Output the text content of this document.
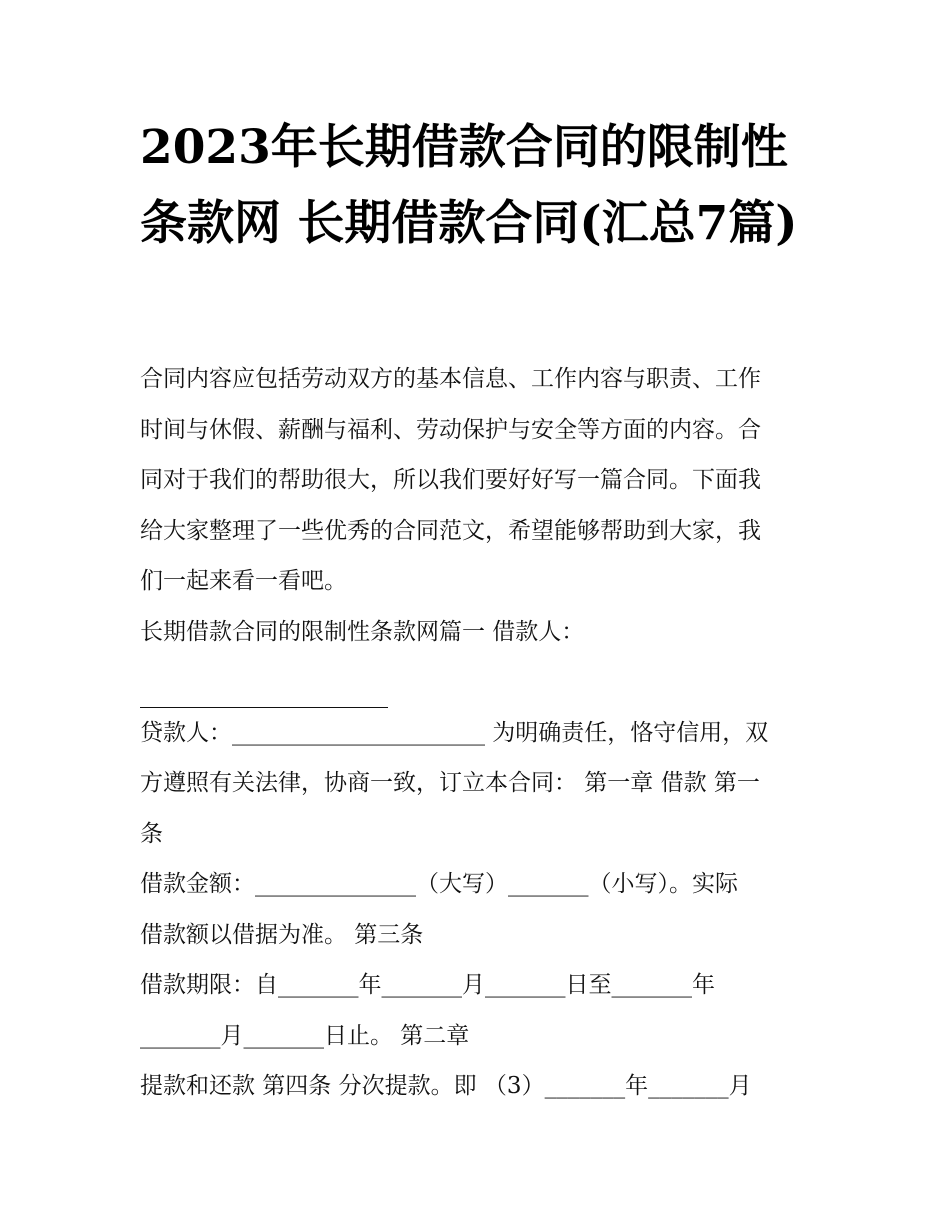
2023年长期借款合同的限制性条款网 长期借款合同(汇总7篇)

合同内容应包括劳动双方的基本信息、工作内容与职责、工作

时间与休假、薪酬与福利、劳动保护与安全等方面的内容。合

同对于我们的帮助很大，所以我们要好好写一篇合同。下面我

给大家整理了一些优秀的合同范文，希望能够帮助到大家，我

们一起来看一看吧。

长期借款合同的限制性条款网篇一 借款人：

贷款人：______________________ 为明确责任，恪守信用，双

方遵照有关法律，协商一致，订立本合同： 第一章 借款 第一

条

借款金额：______________（大写）_______（小写）。实际

借款额以借据为准。 第三条

借款期限：自_______年_______月_______日至_______年

_______月_______日止。 第二章

提款和还款 第四条 分次提款。即 （3）_______年_______月
